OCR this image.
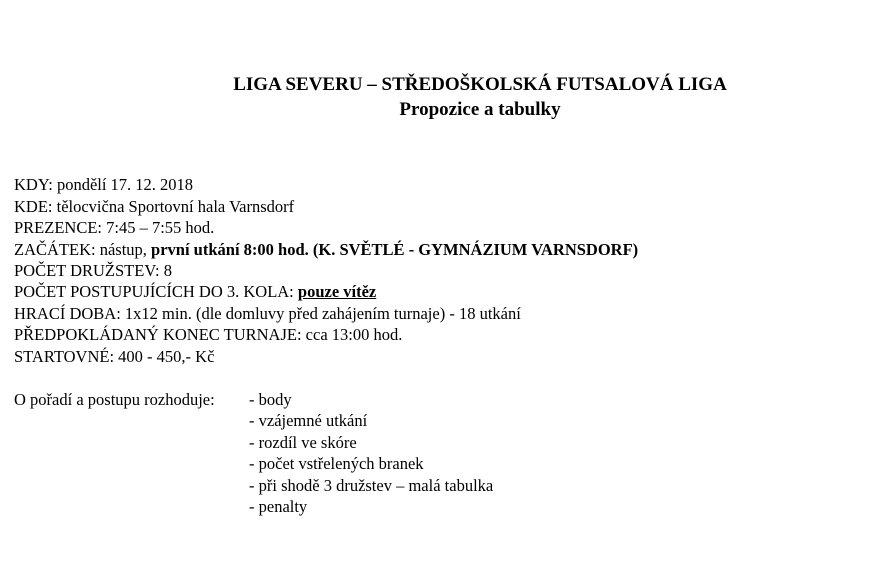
LIGA SEVERU – STŘEDOŠKOLSKÁ FUTSALOVÁ LIGA
Propozice a tabulky
KDY: pondělí 17. 12. 2018
KDE: tělocvična Sportovní hala Varnsdorf
PREZENCE: 7:45 – 7:55 hod.
ZAČÁTEK: nástup, první utkání 8:00 hod. (K. SVĚTLÉ - GYMNÁZIUM VARNSDORF)
POČET DRUŽSTEV: 8
POČET POSTUPUJÍCÍCH DO 3. KOLA: pouze vítěz
HRACÍ DOBA: 1x12 min. (dle domluvy před zahájením turnaje) - 18 utkání
PŘEDPOKLÁDANÝ KONEC TURNAJE: cca 13:00 hod.
STARTOVNÉ: 400 - 450,- Kč
O pořadí a postupu rozhoduje: - body
- vzájemné utkání
- rozdíl ve skóre
- počet vstřelených branek
- při shodě 3 družstev – malá tabulka
- penalty
